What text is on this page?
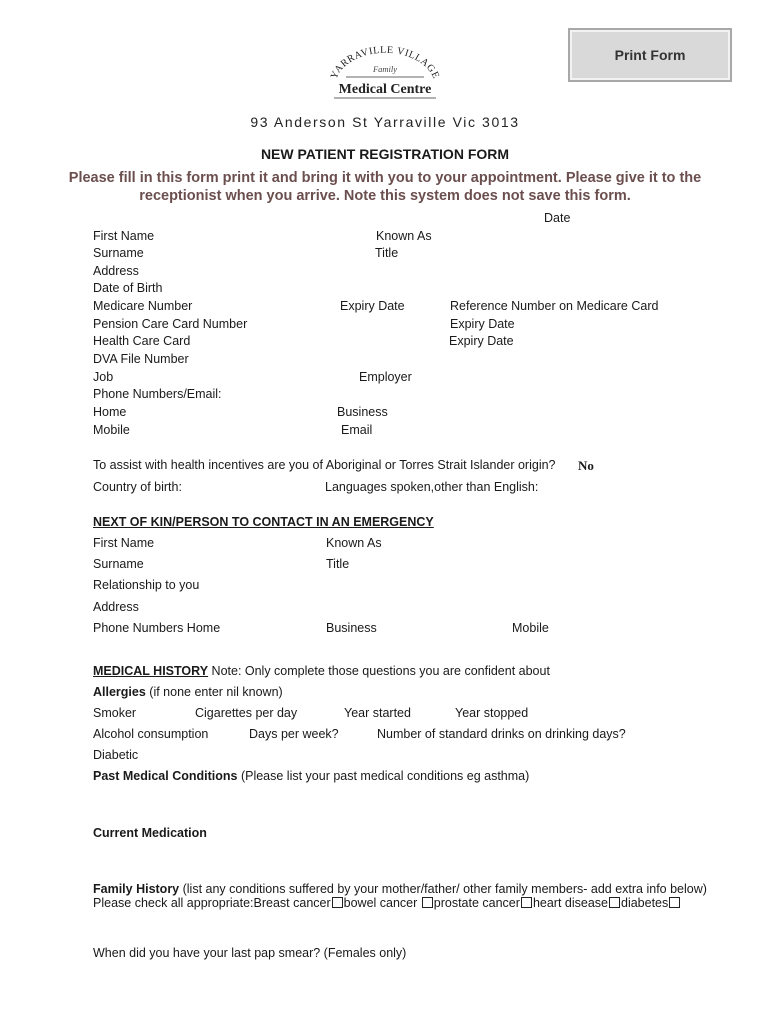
Print Form
YARRAVILLE VILLAGE
Family
Medical Centre
93 Anderson St Yarraville Vic 3013
NEW PATIENT REGISTRATION FORM
Please fill in this form print it and bring it with you to your appointment. Please give it to the receptionist when you arrive. Note this system does not save this form.
Date
First Name	Known As
Surname	Title
Address
Date of Birth
Medicare Number	Expiry Date	Reference Number on Medicare Card
Pension Care Card Number	Expiry Date
Health Care Card	Expiry Date
DVA File Number
Job	Employer
Phone Numbers/Email:
Home	Business
Mobile	Email
To assist with health incentives are you of Aboriginal or Torres Strait Islander origin? No
Country of birth:	Languages spoken,other than English:
NEXT OF KIN/PERSON TO CONTACT IN AN EMERGENCY
First Name	Known As
Surname	Title
Relationship to you
Address
Phone Numbers Home	Business	Mobile
MEDICAL HISTORY Note: Only complete those questions you are confident about
Allergies (if none enter nil known)
Smoker	Cigarettes per day	Year started	Year stopped
Alcohol consumption	Days per week?	Number of standard drinks on drinking days?
Diabetic
Past Medical Conditions (Please list your past medical conditions eg asthma)
Current Medication
Family History (list any conditions suffered by your mother/father/ other family members- add extra info below)
Please check all appropriate:Breast cancer bowel cancer prostate cancer heart disease diabetes
When did you have your last pap smear? (Females only)
